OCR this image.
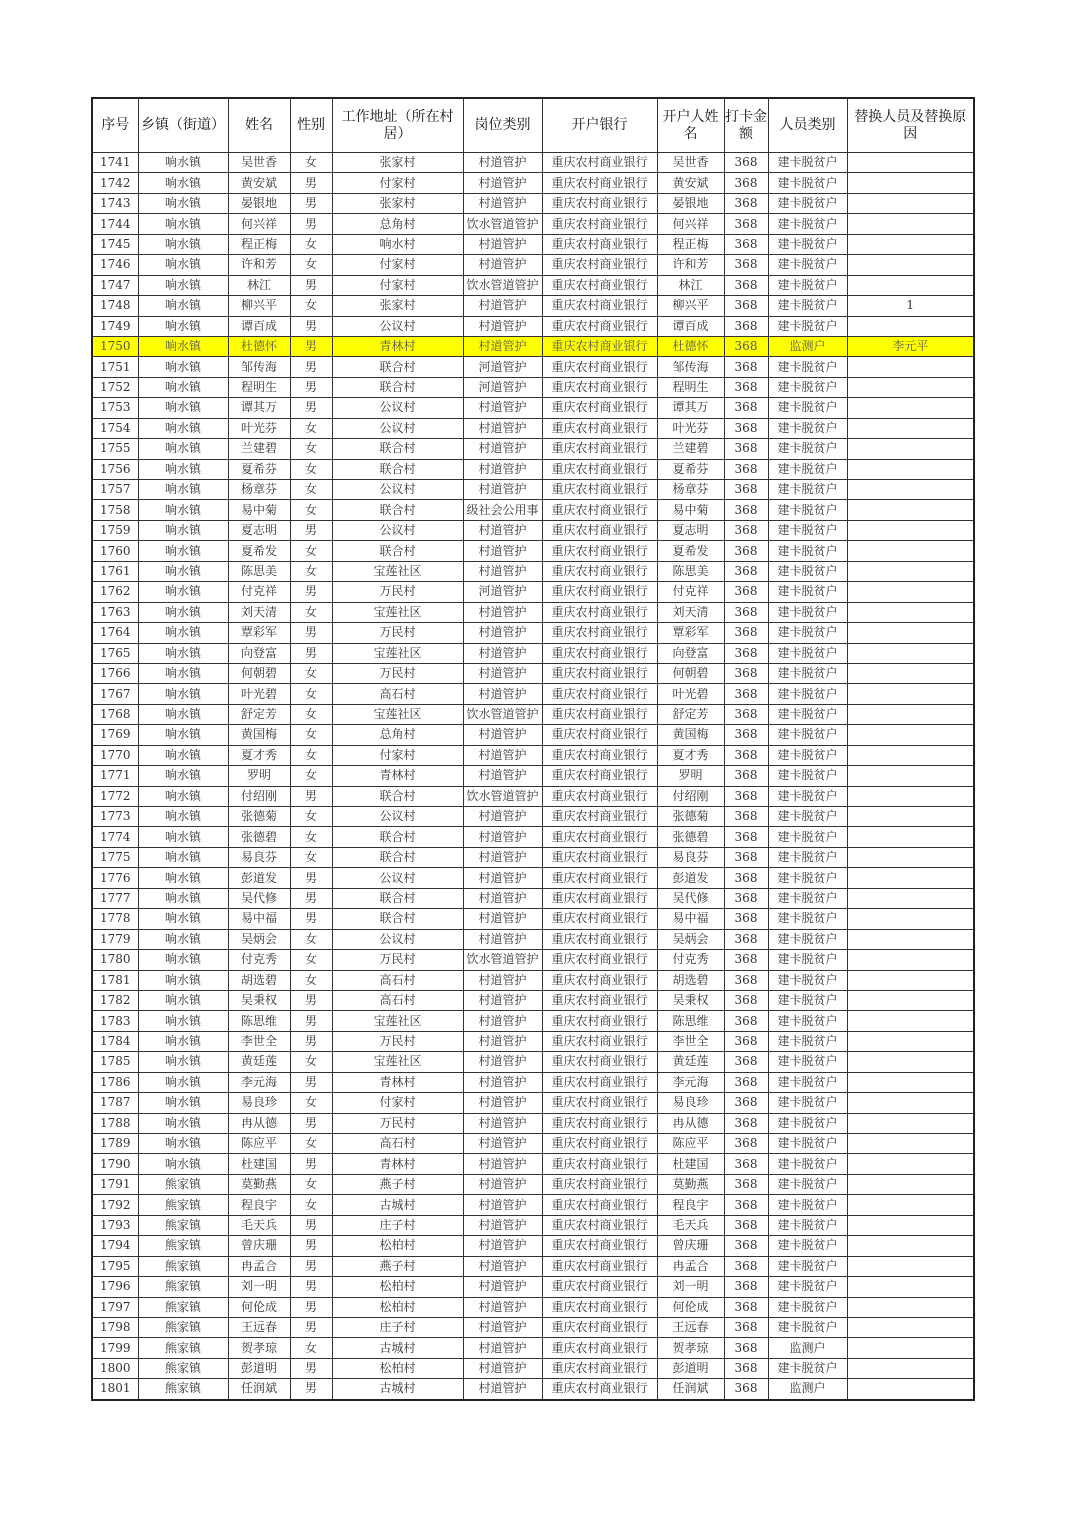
序号	乡镇（街道）	姓名	性别	工作地址（所在村居）	岗位类别	开户银行	开户人姓名	打卡金额	人员类别	替换人员及替换原因
1741	响水镇	吴世香	女	张家村	村道管护	重庆农村商业银行	吴世香	368	建卡脱贫户	
1742	响水镇	黄安斌	男	付家村	村道管护	重庆农村商业银行	黄安斌	368	建卡脱贫户	
1743	响水镇	晏银地	男	张家村	村道管护	重庆农村商业银行	晏银地	368	建卡脱贫户	
1744	响水镇	何兴祥	男	总角村	饮水管道管护	重庆农村商业银行	何兴祥	368	建卡脱贫户	
1745	响水镇	程正梅	女	响水村	村道管护	重庆农村商业银行	程正梅	368	建卡脱贫户	
1746	响水镇	许和芳	女	付家村	村道管护	重庆农村商业银行	许和芳	368	建卡脱贫户	
1747	响水镇	林江	男	付家村	饮水管道管护	重庆农村商业银行	林江	368	建卡脱贫户	
1748	响水镇	柳兴平	女	张家村	村道管护	重庆农村商业银行	柳兴平	368	建卡脱贫户	1
1749	响水镇	谭百成	男	公议村	村道管护	重庆农村商业银行	谭百成	368	建卡脱贫户	
1750	响水镇	杜德怀	男	青林村	村道管护	重庆农村商业银行	杜德怀	368	监测户	李元平
1751	响水镇	邹传海	男	联合村	河道管护	重庆农村商业银行	邹传海	368	建卡脱贫户	
1752	响水镇	程明生	男	联合村	河道管护	重庆农村商业银行	程明生	368	建卡脱贫户	
1753	响水镇	谭其万	男	公议村	村道管护	重庆农村商业银行	谭其万	368	建卡脱贫户	
1754	响水镇	叶光芬	女	公议村	村道管护	重庆农村商业银行	叶光芬	368	建卡脱贫户	
1755	响水镇	兰建碧	女	联合村	村道管护	重庆农村商业银行	兰建碧	368	建卡脱贫户	
1756	响水镇	夏希芬	女	联合村	村道管护	重庆农村商业银行	夏希芬	368	建卡脱贫户	
1757	响水镇	杨章芬	女	公议村	村道管护	重庆农村商业银行	杨章芬	368	建卡脱贫户	
1758	响水镇	易中菊	女	联合村	级社会公用事	重庆农村商业银行	易中菊	368	建卡脱贫户	
1759	响水镇	夏志明	男	公议村	村道管护	重庆农村商业银行	夏志明	368	建卡脱贫户	
1760	响水镇	夏希发	女	联合村	村道管护	重庆农村商业银行	夏希发	368	建卡脱贫户	
1761	响水镇	陈思美	女	宝莲社区	村道管护	重庆农村商业银行	陈思美	368	建卡脱贫户	
1762	响水镇	付克祥	男	万民村	河道管护	重庆农村商业银行	付克祥	368	建卡脱贫户	
1763	响水镇	刘天清	女	宝莲社区	村道管护	重庆农村商业银行	刘天清	368	建卡脱贫户	
1764	响水镇	覃彩军	男	万民村	村道管护	重庆农村商业银行	覃彩军	368	建卡脱贫户	
1765	响水镇	向登富	男	宝莲社区	村道管护	重庆农村商业银行	向登富	368	建卡脱贫户	
1766	响水镇	何朝碧	女	万民村	村道管护	重庆农村商业银行	何朝碧	368	建卡脱贫户	
1767	响水镇	叶光碧	女	高石村	村道管护	重庆农村商业银行	叶光碧	368	建卡脱贫户	
1768	响水镇	舒定芳	女	宝莲社区	饮水管道管护	重庆农村商业银行	舒定芳	368	建卡脱贫户	
1769	响水镇	黄国梅	女	总角村	村道管护	重庆农村商业银行	黄国梅	368	建卡脱贫户	
1770	响水镇	夏才秀	女	付家村	村道管护	重庆农村商业银行	夏才秀	368	建卡脱贫户	
1771	响水镇	罗明	女	青林村	村道管护	重庆农村商业银行	罗明	368	建卡脱贫户	
1772	响水镇	付绍刚	男	联合村	饮水管道管护	重庆农村商业银行	付绍刚	368	建卡脱贫户	
1773	响水镇	张德菊	女	公议村	村道管护	重庆农村商业银行	张德菊	368	建卡脱贫户	
1774	响水镇	张德碧	女	联合村	村道管护	重庆农村商业银行	张德碧	368	建卡脱贫户	
1775	响水镇	易良芬	女	联合村	村道管护	重庆农村商业银行	易良芬	368	建卡脱贫户	
1776	响水镇	彭道发	男	公议村	村道管护	重庆农村商业银行	彭道发	368	建卡脱贫户	
1777	响水镇	吴代修	男	联合村	村道管护	重庆农村商业银行	吴代修	368	建卡脱贫户	
1778	响水镇	易中福	男	联合村	村道管护	重庆农村商业银行	易中福	368	建卡脱贫户	
1779	响水镇	吴炳会	女	公议村	村道管护	重庆农村商业银行	吴炳会	368	建卡脱贫户	
1780	响水镇	付克秀	女	万民村	饮水管道管护	重庆农村商业银行	付克秀	368	建卡脱贫户	
1781	响水镇	胡选碧	女	高石村	村道管护	重庆农村商业银行	胡选碧	368	建卡脱贫户	
1782	响水镇	吴秉权	男	高石村	村道管护	重庆农村商业银行	吴秉权	368	建卡脱贫户	
1783	响水镇	陈思维	男	宝莲社区	村道管护	重庆农村商业银行	陈思维	368	建卡脱贫户	
1784	响水镇	李世全	男	万民村	村道管护	重庆农村商业银行	李世全	368	建卡脱贫户	
1785	响水镇	黄廷莲	女	宝莲社区	村道管护	重庆农村商业银行	黄廷莲	368	建卡脱贫户	
1786	响水镇	李元海	男	青林村	村道管护	重庆农村商业银行	李元海	368	建卡脱贫户	
1787	响水镇	易良珍	女	付家村	村道管护	重庆农村商业银行	易良珍	368	建卡脱贫户	
1788	响水镇	冉从德	男	万民村	村道管护	重庆农村商业银行	冉从德	368	建卡脱贫户	
1789	响水镇	陈应平	女	高石村	村道管护	重庆农村商业银行	陈应平	368	建卡脱贫户	
1790	响水镇	杜建国	男	青林村	村道管护	重庆农村商业银行	杜建国	368	建卡脱贫户	
1791	熊家镇	莫勤燕	女	燕子村	村道管护	重庆农村商业银行	莫勤燕	368	建卡脱贫户	
1792	熊家镇	程良宇	女	古城村	村道管护	重庆农村商业银行	程良宇	368	建卡脱贫户	
1793	熊家镇	毛天兵	男	庄子村	村道管护	重庆农村商业银行	毛天兵	368	建卡脱贫户	
1794	熊家镇	曾庆珊	男	松柏村	村道管护	重庆农村商业银行	曾庆珊	368	建卡脱贫户	
1795	熊家镇	冉孟合	男	燕子村	村道管护	重庆农村商业银行	冉孟合	368	建卡脱贫户	
1796	熊家镇	刘一明	男	松柏村	村道管护	重庆农村商业银行	刘一明	368	建卡脱贫户	
1797	熊家镇	何伦成	男	松柏村	村道管护	重庆农村商业银行	何伦成	368	建卡脱贫户	
1798	熊家镇	王远春	男	庄子村	村道管护	重庆农村商业银行	王远春	368	建卡脱贫户	
1799	熊家镇	贺孝琼	女	古城村	村道管护	重庆农村商业银行	贺孝琼	368	监测户	
1800	熊家镇	彭道明	男	松柏村	村道管护	重庆农村商业银行	彭道明	368	建卡脱贫户	
1801	熊家镇	任润斌	男	古城村	村道管护	重庆农村商业银行	任润斌	368	监测户	
